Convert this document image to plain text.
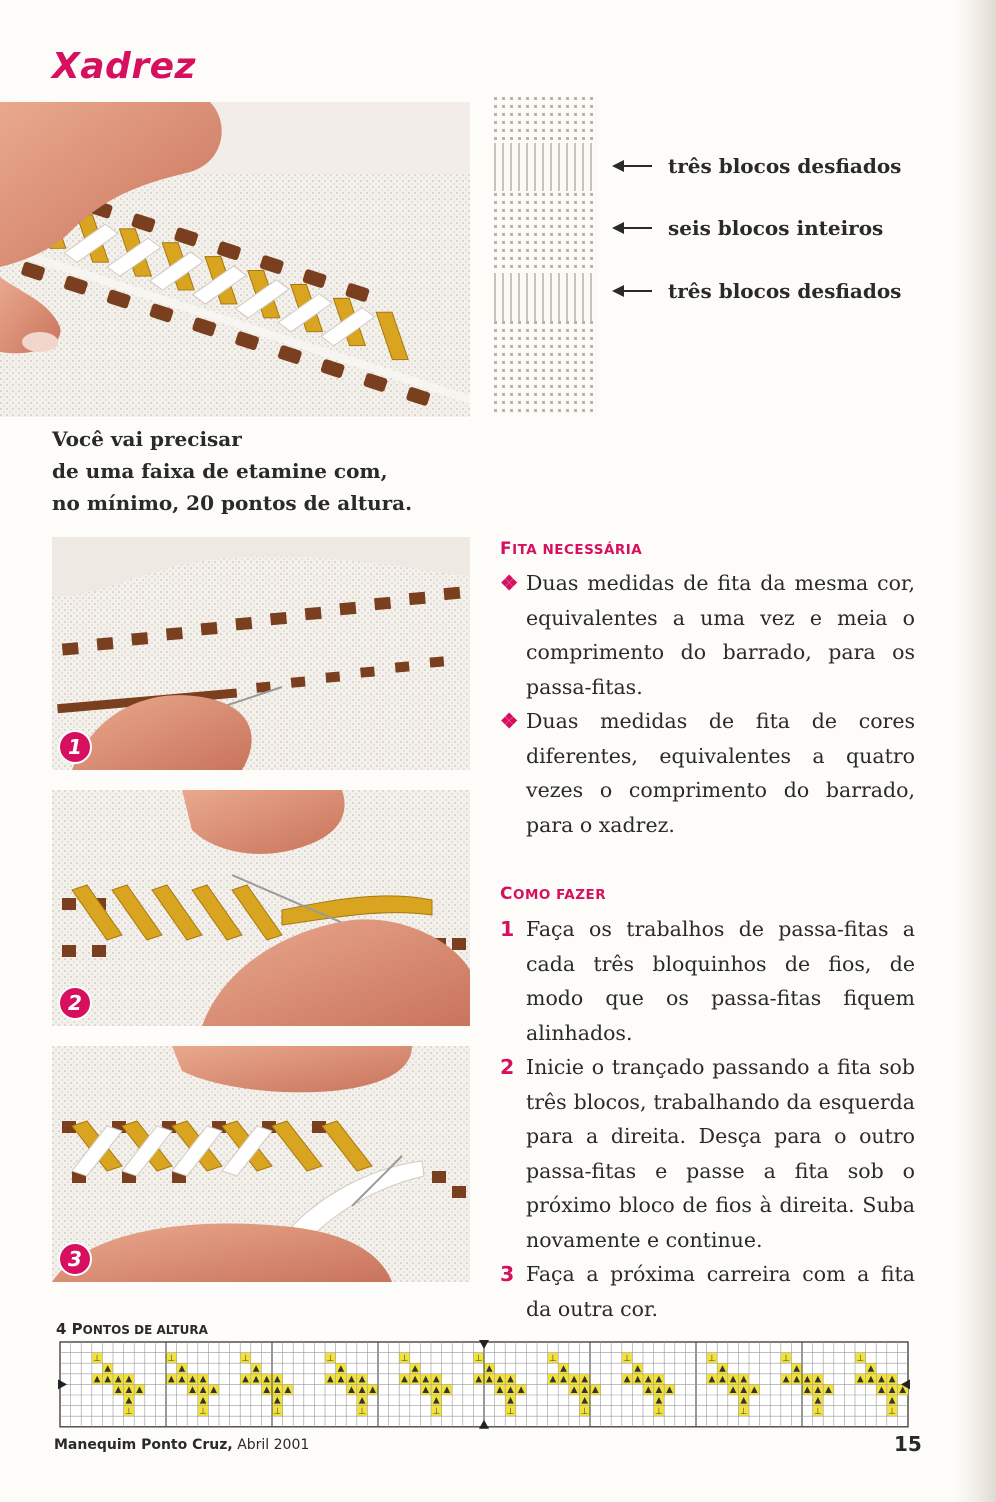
Xadrez
três blocos desfiados
seis blocos inteiros
três blocos desfiados
Você vai precisar
de uma faixa de etamine com,
no mínimo, 20 pontos de altura.
1
2
3
FITA NECESSÁRIA
❖ Duas medidas de fita da mesma cor, equivalentes a uma vez e meia o comprimento do barrado, para os passa-fitas.
❖ Duas medidas de fita de cores diferentes, equivalentes a quatro vezes o comprimento do barrado, para o xadrez.
COMO FAZER
1 Faça os trabalhos de passa-fitas a cada três bloquinhos de fios, de modo que os passa-fitas fiquem alinhados.
2 Inicie o trançado passando a fita sob três blocos, trabalhando da esquerda para a direita. Desça para o outro passa-fitas e passe a fita sob o próximo bloco de fios à direita. Suba novamente e continue.
3 Faça a próxima carreira com a fita da outra cor.
4 PONTOS DE ALTURA
⊥
⊥
⊥
⊥
⊥
⊥
⊥
⊥
⊥
⊥
⊥
⊥
⊥
⊥
⊥
⊥
⊥
⊥
⊥
⊥
⊥
⊥
Manequim Ponto Cruz, Abril 2001	15
